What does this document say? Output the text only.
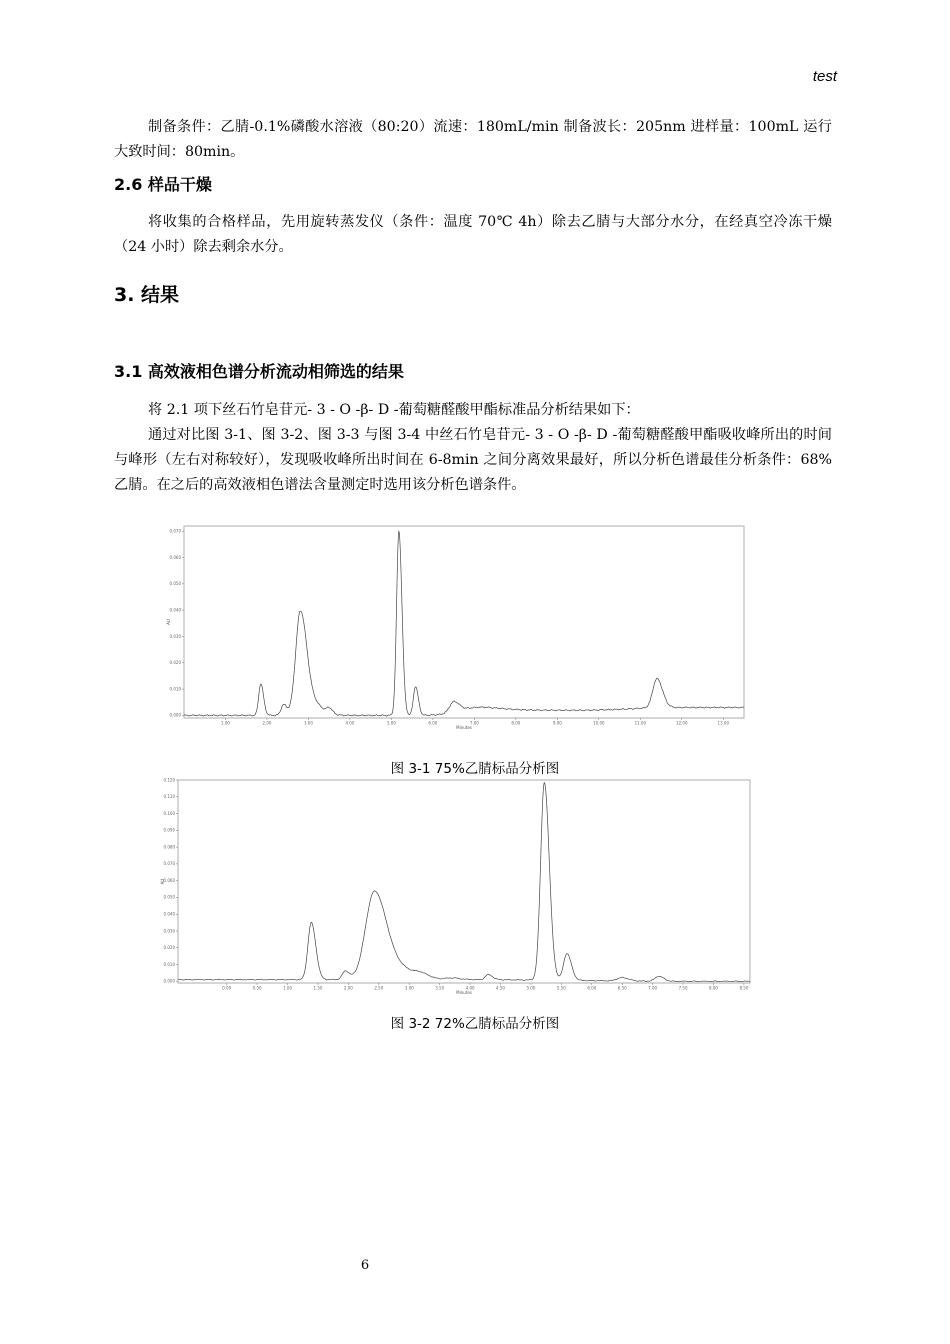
test
制备条件：乙腈-0.1%磷酸水溶液（80:20）流速：180mL/min 制备波长：205nm 进样量：100mL 运行大致时间：80min。
2.6 样品干燥
将收集的合格样品，先用旋转蒸发仪（条件：温度 70℃ 4h）除去乙腈与大部分水分，在经真空冷冻干燥（24 小时）除去剩余水分。
3. 结果
3.1 高效液相色谱分析流动相筛选的结果
将 2.1 项下丝石竹皂苷元- 3 - O -β- D -葡萄糖醛酸甲酯标准品分析结果如下：
通过对比图 3-1、图 3-2、图 3-3 与图 3-4 中丝石竹皂苷元- 3 - O -β- D -葡萄糖醛酸甲酯吸收峰所出的时间与峰形（左右对称较好），发现吸收峰所出时间在 6-8min 之间分离效果最好，所以分析色谱最佳分析条件：68%乙腈。在之后的高效液相色谱法含量测定时选用该分析色谱条件。
0.000
0.010
0.020
0.030
0.040
0.050
0.060
0.070
1.00	2.00	3.00	4.00	5.00	6.00	7.00	8.00	9.00	10.00	11.00	12.00	13.00
Minutes
AU
图 3-1 75%乙腈标品分析图
0.000
0.010
0.020
0.030
0.040
0.050
0.060
0.070
0.080
0.090
0.100
0.110
0.120
0.00	0.50	1.00	1.50	2.00	2.50	3.00	3.50	4.00	4.50	5.00	5.50	6.00	6.50	7.00	7.50	8.00	8.50
Minutes
AU
图 3-2 72%乙腈标品分析图
6
